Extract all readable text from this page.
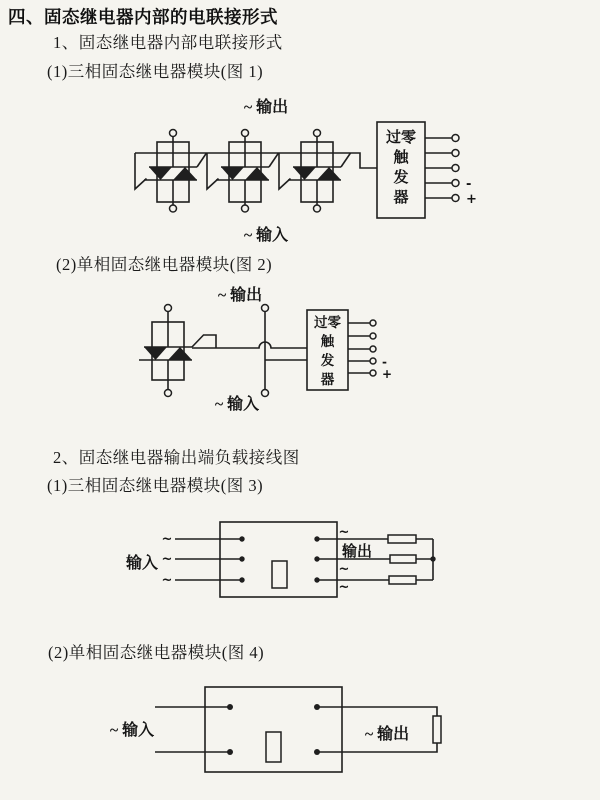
四、固态继电器内部的电联接形式
1、固态继电器内部电联接形式
(1)三相固态继电器模块(图 1)
(2)单相固态继电器模块(图 2)
2、固态继电器输出端负载接线图
(1)三相固态继电器模块(图 3)
(2)单相固态继电器模块(图 4)
~ 输出
~ 输入
过零
触
发
器
-
+
~ 输出
~ 输入
过零
触
发
器
-
+
输入
~
~
~
~
~
~
输出
~ 输入	~ 输出
